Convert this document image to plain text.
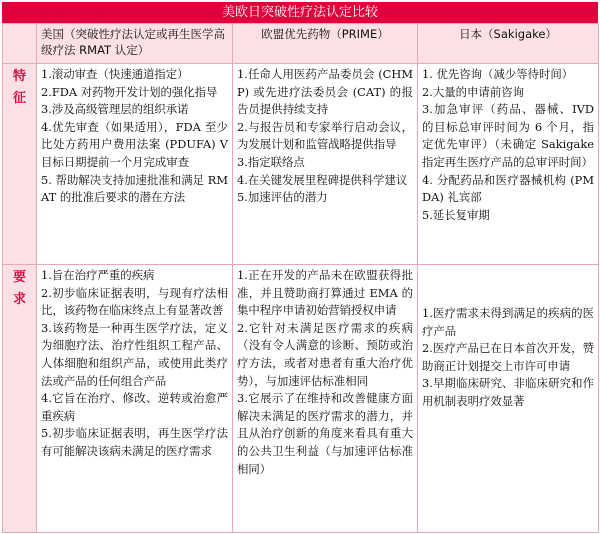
美欧日突破性疗法认定比较
	美国（突破性疗法认定或再生医学高级疗法 RMAT 认定）	欧盟优先药物（PRIME）	日本（Sakigake）
特征	1.滚动审查（快速通道指定）
2.FDA 对药物开发计划的强化指导
3.涉及高级管理层的组织承诺
4.优先审查（如果适用），FDA 至少比处方药用户费用法案 (PDUFA) V 目标日期提前一个月完成审查
5. 帮助解决支持加速批准和满足 RMAT 的批准后要求的潜在方法	1.任命人用医药产品委员会 (CHMP) 或先进疗法委员会 (CAT) 的报告员提供持续支持
2.与报告员和专家举行启动会议，为发展计划和监管战略提供指导
3.指定联络点
4.在关键发展里程碑提供科学建议
5.加速评估的潜力	1. 优先咨询（减少等待时间）
2.大量的申请前咨询
3.加急审评（药品、器械、IVD 的目标总审评时间为 6 个月，指定优先审评）（未确定 Sakigake 指定再生医疗产品的总审评时间）
4. 分配药品和医疗器械机构 (PMDA) 礼宾部
5.延长复审期

要求	1.旨在治疗严重的疾病
2.初步临床证据表明，与现有疗法相比，该药物在临床终点上有显著改善
3.该药物是一种再生医学疗法，定义为细胞疗法、治疗性组织工程产品、人体细胞和组织产品，或使用此类疗法或产品的任何组合产品
4.它旨在治疗、修改、逆转或治愈严重疾病
5.初步临床证据表明，再生医学疗法有可能解决该病未满足的医疗需求	1.正在开发的产品未在欧盟获得批准，并且赞助商打算通过 EMA 的集中程序申请初始营销授权申请
2.它针对未满足医疗需求的疾病（没有令人满意的诊断、预防或治疗方法，或者对患者有重大治疗优势），与加速评估标准相同
3.它展示了在维持和改善健康方面解决未满足的医疗需求的潜力，并且从治疗创新的角度来看具有重大的公共卫生利益（与加速评估标准相同）	1.医疗需求未得到满足的疾病的医疗产品
2.医疗产品已在日本首次开发，赞助商正计划提交上市许可申请
3.早期临床研究、非临床研究和作用机制表明疗效显著
